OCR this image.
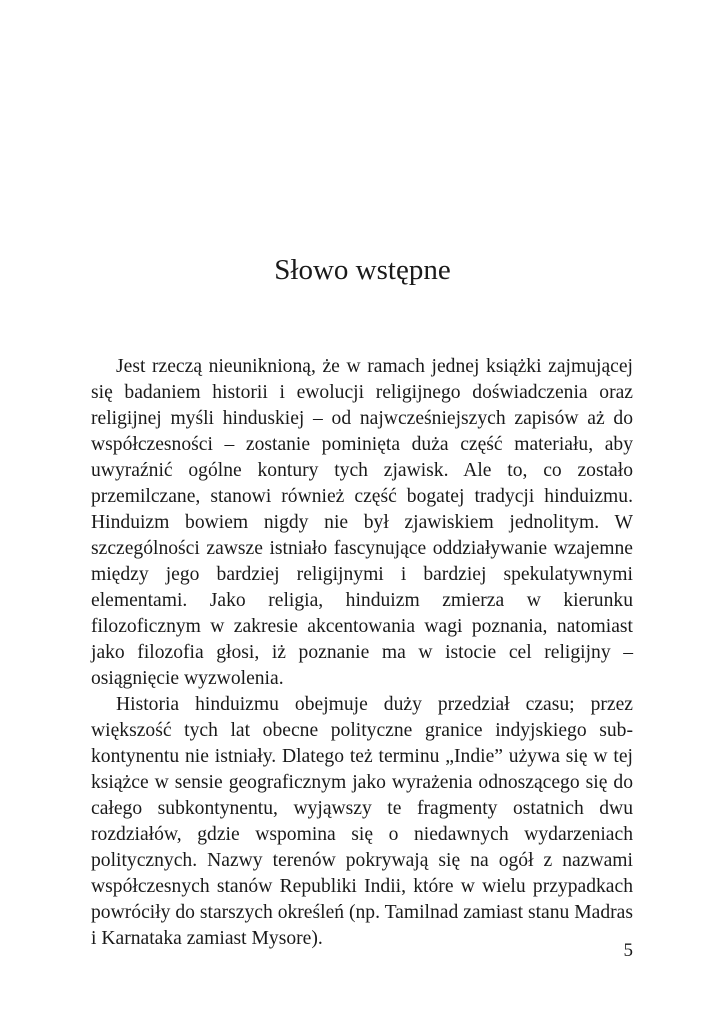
Słowo wstępne

Jest rzeczą nieuniknioną, że w ramach jednej książki zajmującej się badaniem historii i ewolucji religijnego doświadczenia oraz religijnej myśli hinduskiej – od najwcześniejszych zapisów aż do współczesności – zostanie pominięta duża część materiału, aby uwyraźnić ogólne kontury tych zjawisk. Ale to, co zostało przemilczane, stanowi również część bogatej tradycji hinduizmu. Hinduizm bowiem nigdy nie był zjawiskiem jednolitym. W szczególności zawsze istniało fascynujące oddziaływanie wzajemne między jego bardziej religijnymi i bardziej spekulatywnymi elementami. Jako religia, hinduizm zmierza w kierunku filozoficznym w zakresie akcentowania wagi poznania, natomiast jako filozofia głosi, iż poznanie ma w istocie cel religijny – osiągnięcie wyzwolenia.

Historia hinduizmu obejmuje duży przedział czasu; przez większość tych lat obecne polityczne granice indyjskiego subkontynentu nie istniały. Dlatego też terminu „Indie” używa się w tej książce w sensie geograficznym jako wyrażenia odnoszącego się do całego subkontynentu, wyjąwszy te fragmenty ostatnich dwu rozdziałów, gdzie wspomina się o niedawnych wydarzeniach politycznych. Nazwy terenów pokrywają się na ogół z nazwami współczesnych stanów Republiki Indii, które w wielu przypadkach powróciły do starszych określeń (np. Tamilnad zamiast stanu Madras i Karnataka zamiast Mysore).

5
